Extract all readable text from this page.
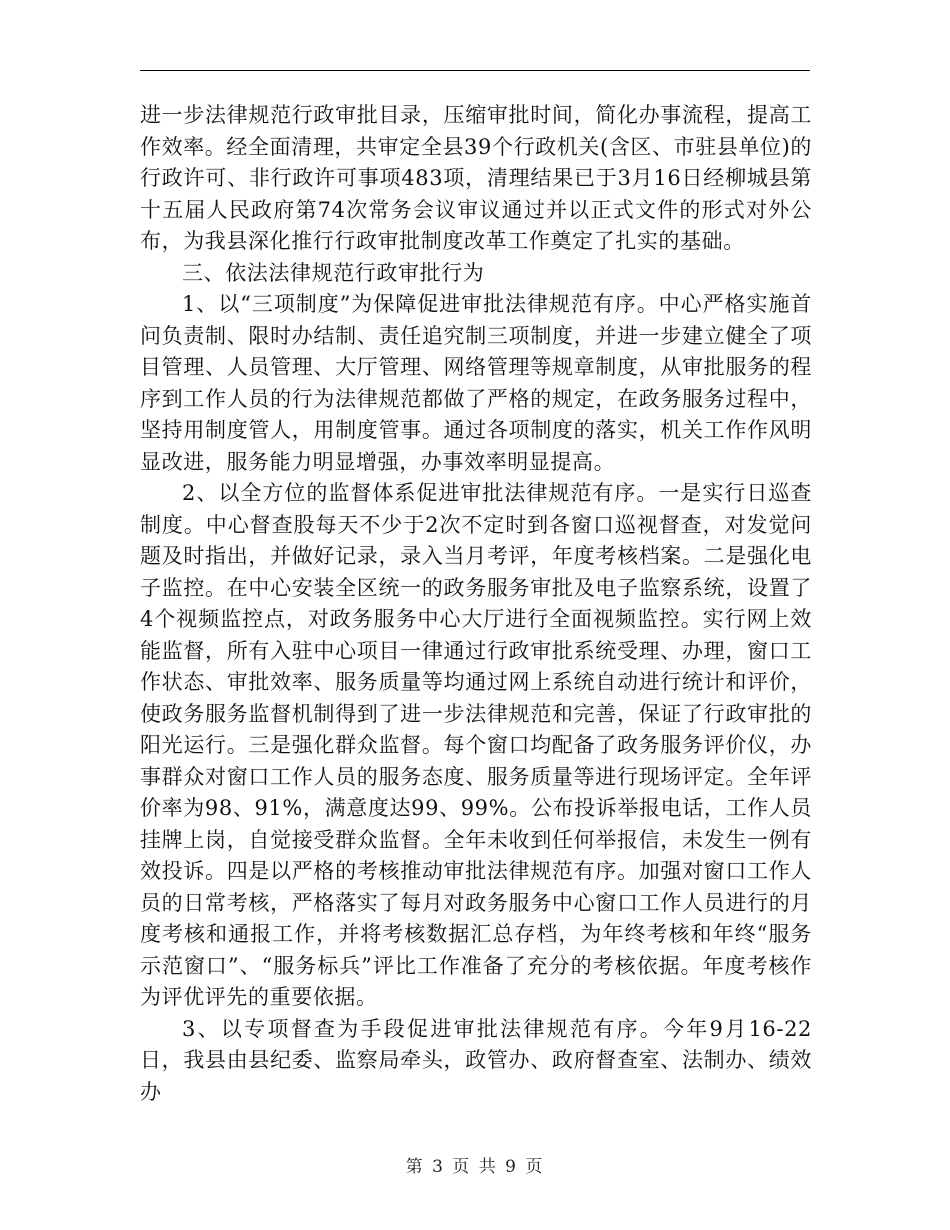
进一步法律规范行政审批目录，压缩审批时间，简化办事流程，提高工作效率。经全面清理，共审定全县39个行政机关(含区、市驻县单位)的行政许可、非行政许可事项483项，清理结果已于3月16日经柳城县第十五届人民政府第74次常务会议审议通过并以正式文件的形式对外公布，为我县深化推行行政审批制度改革工作奠定了扎实的基础。

三、依法法律规范行政审批行为

1、以“三项制度”为保障促进审批法律规范有序。中心严格实施首问负责制、限时办结制、责任追究制三项制度，并进一步建立健全了项目管理、人员管理、大厅管理、网络管理等规章制度，从审批服务的程序到工作人员的行为法律规范都做了严格的规定，在政务服务过程中，坚持用制度管人，用制度管事。通过各项制度的落实，机关工作作风明显改进，服务能力明显增强，办事效率明显提高。

2、以全方位的监督体系促进审批法律规范有序。一是实行日巡查制度。中心督查股每天不少于2次不定时到各窗口巡视督查，对发觉问题及时指出，并做好记录，录入当月考评，年度考核档案。二是强化电子监控。在中心安装全区统一的政务服务审批及电子监察系统，设置了4个视频监控点，对政务服务中心大厅进行全面视频监控。实行网上效能监督，所有入驻中心项目一律通过行政审批系统受理、办理，窗口工作状态、审批效率、服务质量等均通过网上系统自动进行统计和评价，使政务服务监督机制得到了进一步法律规范和完善，保证了行政审批的阳光运行。三是强化群众监督。每个窗口均配备了政务服务评价仪，办事群众对窗口工作人员的服务态度、服务质量等进行现场评定。全年评价率为98、91%，满意度达99、99%。公布投诉举报电话，工作人员挂牌上岗，自觉接受群众监督。全年未收到任何举报信，未发生一例有效投诉。四是以严格的考核推动审批法律规范有序。加强对窗口工作人员的日常考核，严格落实了每月对政务服务中心窗口工作人员进行的月度考核和通报工作，并将考核数据汇总存档，为年终考核和年终“服务示范窗口”、“服务标兵”评比工作准备了充分的考核依据。年度考核作为评优评先的重要依据。

3、以专项督查为手段促进审批法律规范有序。今年9月16-22日，我县由县纪委、监察局牵头，政管办、政府督查室、法制办、绩效办

第 3 页 共 9 页
